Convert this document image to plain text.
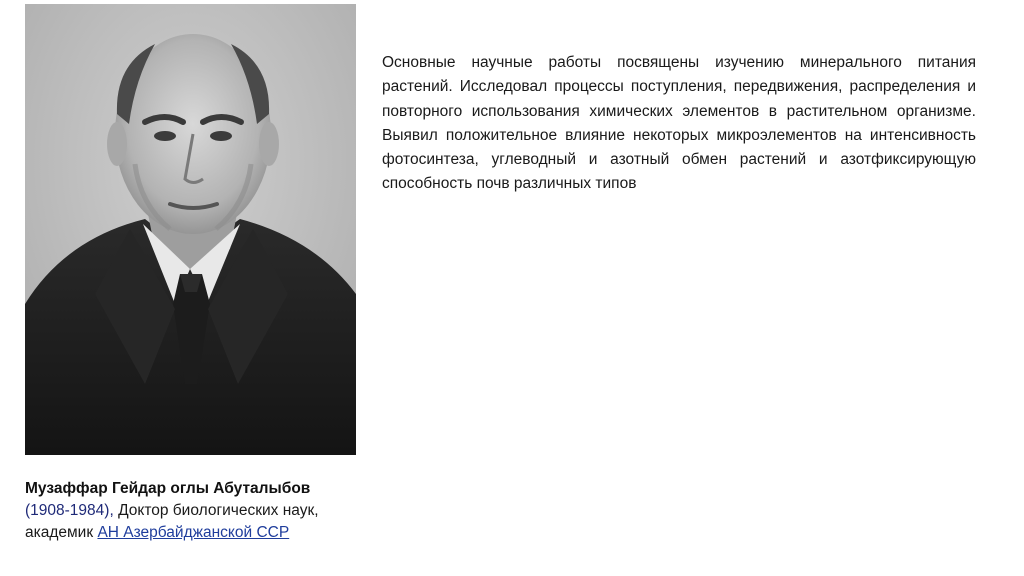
Музаффар Гейдар оглы Абуталыбов
(1908-1984), Доктор биологических наук,
академик АН Азербайджанской ССР
Основные научные работы посвящены изучению минерального питания растений. Исследовал процессы поступления, передвижения, распределения и повторного использования химических элементов в растительном организме. Выявил положительное влияние некоторых микроэлементов на интенсивность фотосинтеза, углеводный и азотный обмен растений и азотфиксирующую способность почв различных типов
